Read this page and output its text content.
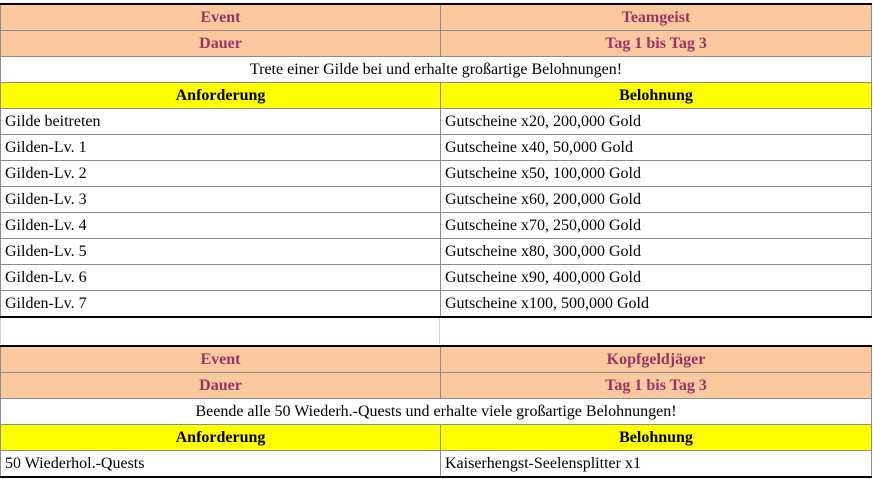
Event	Teamgeist
Dauer	Tag 1 bis Tag 3
Trete einer Gilde bei und erhalte großartige Belohnungen!	
Anforderung	Belohnung
Gilde beitreten	Gutscheine x20, 200,000 Gold
Gilden-Lv. 1	Gutscheine x40, 50,000 Gold
Gilden-Lv. 2	Gutscheine x50, 100,000 Gold
Gilden-Lv. 3	Gutscheine x60, 200,000 Gold
Gilden-Lv. 4	Gutscheine x70, 250,000 Gold
Gilden-Lv. 5	Gutscheine x80, 300,000 Gold
Gilden-Lv. 6	Gutscheine x90, 400,000 Gold
Gilden-Lv. 7	Gutscheine x100, 500,000 Gold
Event	Kopfgeldjäger
Dauer	Tag 1 bis Tag 3
Beende alle 50 Wiederh.-Quests und erhalte viele großartige Belohnungen!	
Anforderung	Belohnung
50 Wiederhol.-Quests	Kaiserhengst-Seelensplitter x1
